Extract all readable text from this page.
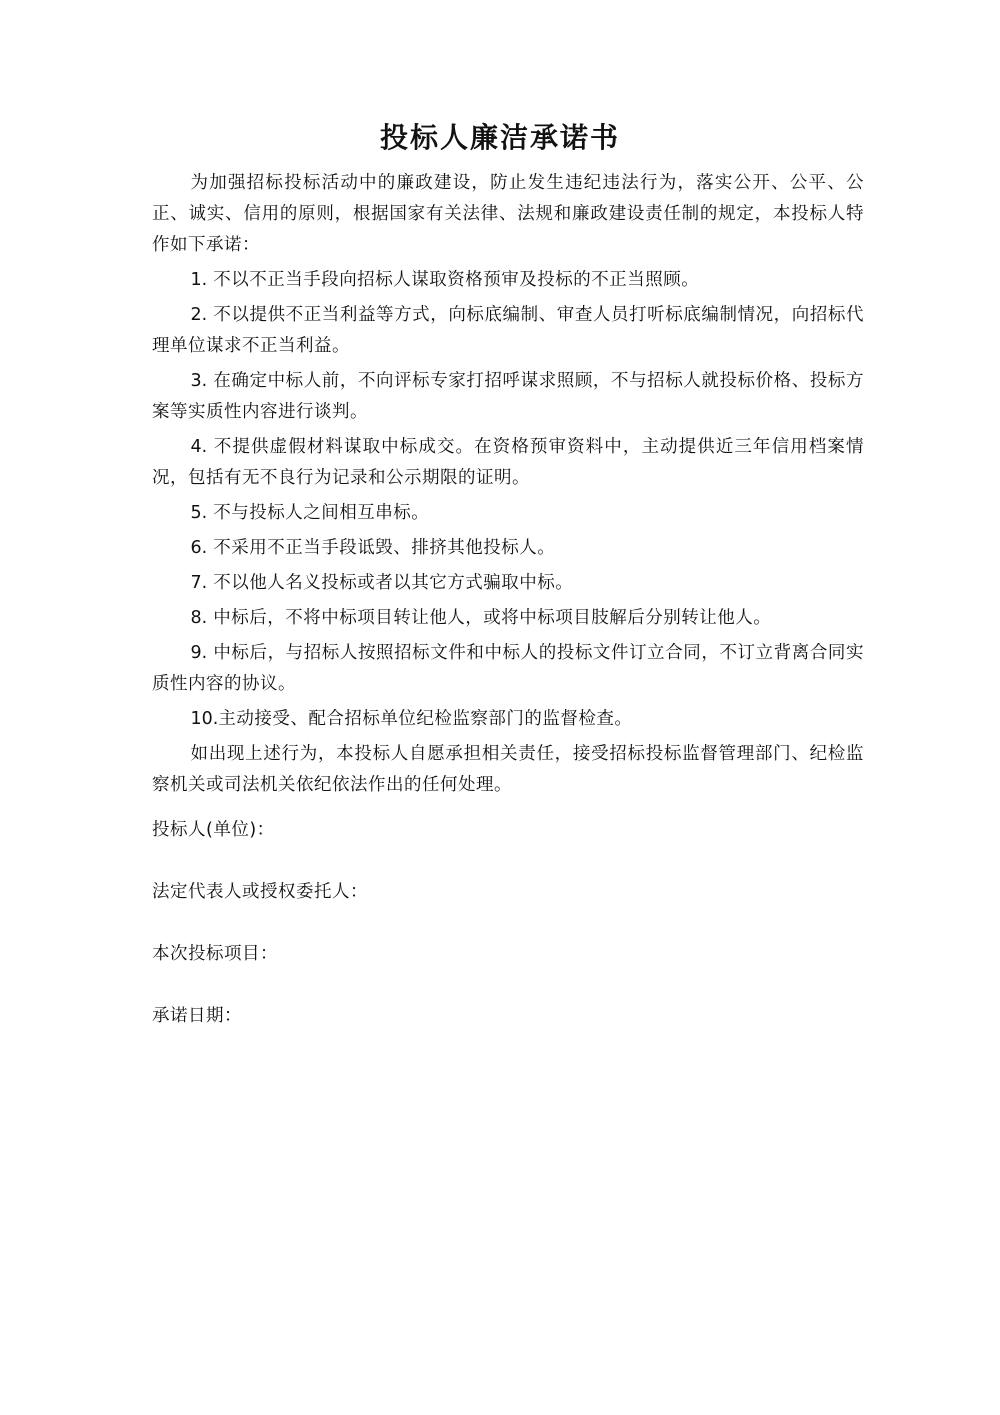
投标人廉洁承诺书

为加强招标投标活动中的廉政建设，防止发生违纪违法行为，落实公开、公平、公正、诚实、信用的原则，根据国家有关法律、法规和廉政建设责任制的规定，本投标人特作如下承诺：

1. 不以不正当手段向招标人谋取资格预审及投标的不正当照顾。

2. 不以提供不正当利益等方式，向标底编制、审查人员打听标底编制情况，向招标代理单位谋求不正当利益。

3. 在确定中标人前，不向评标专家打招呼谋求照顾，不与招标人就投标价格、投标方案等实质性内容进行谈判。

4. 不提供虚假材料谋取中标成交。在资格预审资料中，主动提供近三年信用档案情况，包括有无不良行为记录和公示期限的证明。

5. 不与投标人之间相互串标。

6. 不采用不正当手段诋毁、排挤其他投标人。

7. 不以他人名义投标或者以其它方式骗取中标。

8. 中标后，不将中标项目转让他人，或将中标项目肢解后分别转让他人。

9. 中标后，与招标人按照招标文件和中标人的投标文件订立合同，不订立背离合同实质性内容的协议。

10.主动接受、配合招标单位纪检监察部门的监督检查。

如出现上述行为，本投标人自愿承担相关责任，接受招标投标监督管理部门、纪检监察机关或司法机关依纪依法作出的任何处理。

投标人(单位)：

法定代表人或授权委托人：

本次投标项目：

承诺日期：
